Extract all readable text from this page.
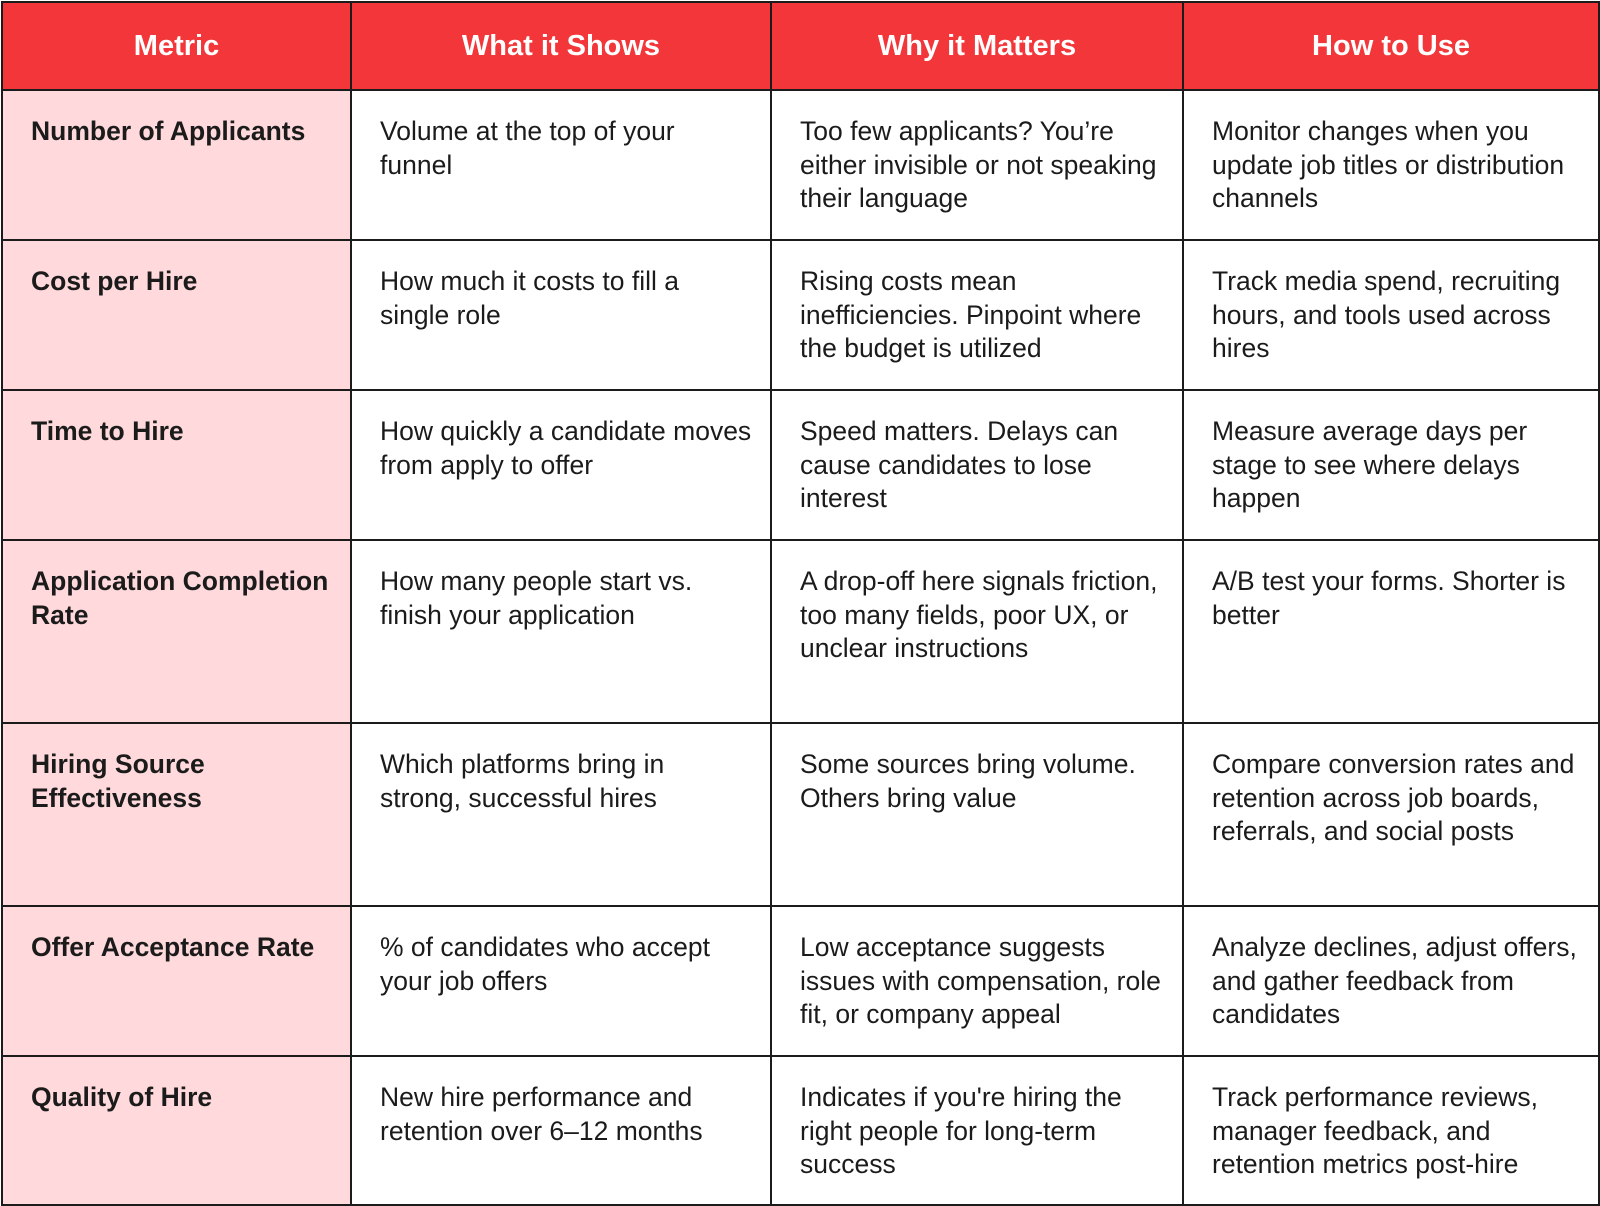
Metric	What it Shows	Why it Matters	How to Use
Number of Applicants	Volume at the top of your funnel	Too few applicants? You’re either invisible or not speaking their language	Monitor changes when you update job titles or distribution channels
Cost per Hire	How much it costs to fill a single role	Rising costs mean inefficiencies. Pinpoint where the budget is utilized	Track media spend, recruiting hours, and tools used across hires
Time to Hire	How quickly a candidate moves from apply to offer	Speed matters. Delays can cause candidates to lose interest	Measure average days per stage to see where delays happen
Application Completion Rate	How many people start vs. finish your application	A drop-off here signals friction, too many fields, poor UX, or unclear instructions	A/B test your forms. Shorter is better
Hiring Source Effectiveness	Which platforms bring in strong, successful hires	Some sources bring volume. Others bring value	Compare conversion rates and retention across job boards, referrals, and social posts
Offer Acceptance Rate	% of candidates who accept your job offers	Low acceptance suggests issues with compensation, role fit, or company appeal	Analyze declines, adjust offers, and gather feedback from candidates
Quality of Hire	New hire performance and retention over 6–12 months	Indicates if you're hiring the right people for long-term success	Track performance reviews, manager feedback, and retention metrics post-hire
